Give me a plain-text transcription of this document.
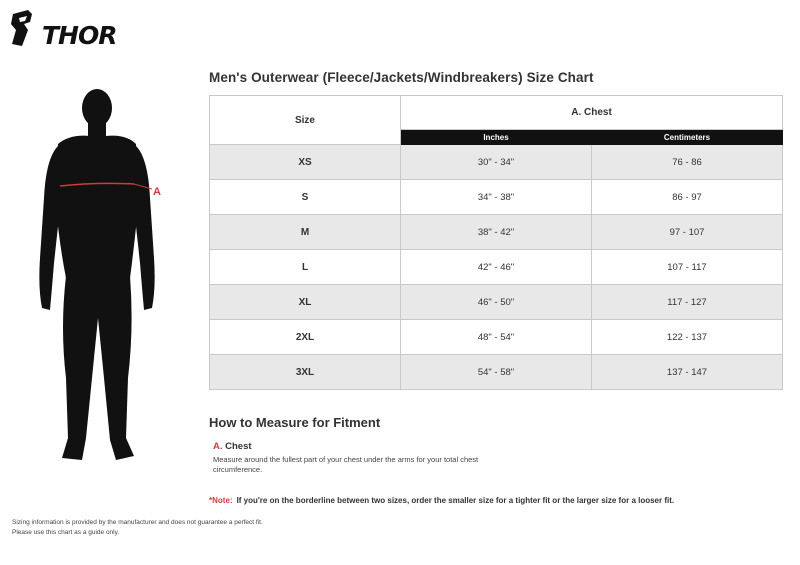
THOR
A
Men's Outerwear (Fleece/Jackets/Windbreakers) Size Chart
Size	A. Chest	
	Inches	Centimeters
XS	30" - 34"	76 - 86
S	34" - 38"	86 - 97
M	38" - 42"	97 - 107
L	42" - 46"	107 - 117
XL	46" - 50"	117 - 127
2XL	48" - 54"	122 - 137
3XL	54" - 58"	137 - 147
How to Measure for Fitment
A. Chest
Measure around the fullest part of your chest under the arms for your total chest circumference.
*Note: If you're on the borderline between two sizes, order the smaller size for a tighter fit or the larger size for a looser fit.
Sizing information is provided by the manufacturer and does not guarantee a perfect fit.
Please use this chart as a guide only.
